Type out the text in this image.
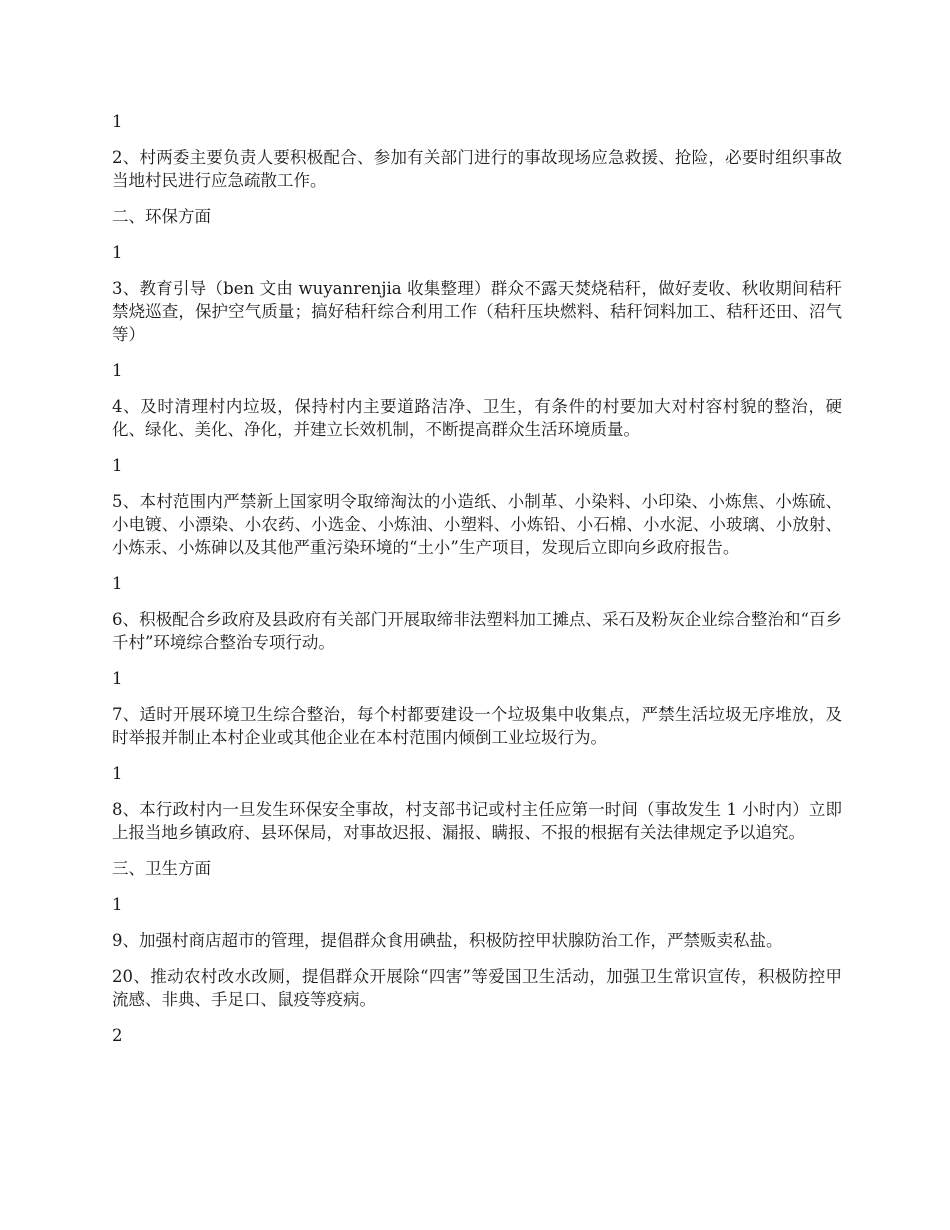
1

2、村两委主要负责人要积极配合、参加有关部门进行的事故现场应急救援、抢险，必要时组织事故当地村民进行应急疏散工作。

二、环保方面

1

3、教育引导（ben 文由 wuyanrenjia 收集整理）群众不露天焚烧秸秆，做好麦收、秋收期间秸秆禁烧巡查，保护空气质量；搞好秸秆综合利用工作（秸秆压块燃料、秸秆饲料加工、秸秆还田、沼气等）

1

4、及时清理村内垃圾，保持村内主要道路洁净、卫生，有条件的村要加大对村容村貌的整治，硬化、绿化、美化、净化，并建立长效机制，不断提高群众生活环境质量。

1

5、本村范围内严禁新上国家明令取缔淘汰的小造纸、小制革、小染料、小印染、小炼焦、小炼硫、小电镀、小漂染、小农药、小选金、小炼油、小塑料、小炼铅、小石棉、小水泥、小玻璃、小放射、小炼汞、小炼砷以及其他严重污染环境的“土小”生产项目，发现后立即向乡政府报告。

1

6、积极配合乡政府及县政府有关部门开展取缔非法塑料加工摊点、采石及粉灰企业综合整治和“百乡千村”环境综合整治专项行动。

1

7、适时开展环境卫生综合整治，每个村都要建设一个垃圾集中收集点，严禁生活垃圾无序堆放，及时举报并制止本村企业或其他企业在本村范围内倾倒工业垃圾行为。

1

8、本行政村内一旦发生环保安全事故，村支部书记或村主任应第一时间（事故发生 1 小时内）立即上报当地乡镇政府、县环保局，对事故迟报、漏报、瞒报、不报的根据有关法律规定予以追究。

三、卫生方面

1

9、加强村商店超市的管理，提倡群众食用碘盐，积极防控甲状腺防治工作，严禁贩卖私盐。

20、推动农村改水改厕，提倡群众开展除“四害”等爱国卫生活动，加强卫生常识宣传，积极防控甲流感、非典、手足口、鼠疫等疫病。

2
